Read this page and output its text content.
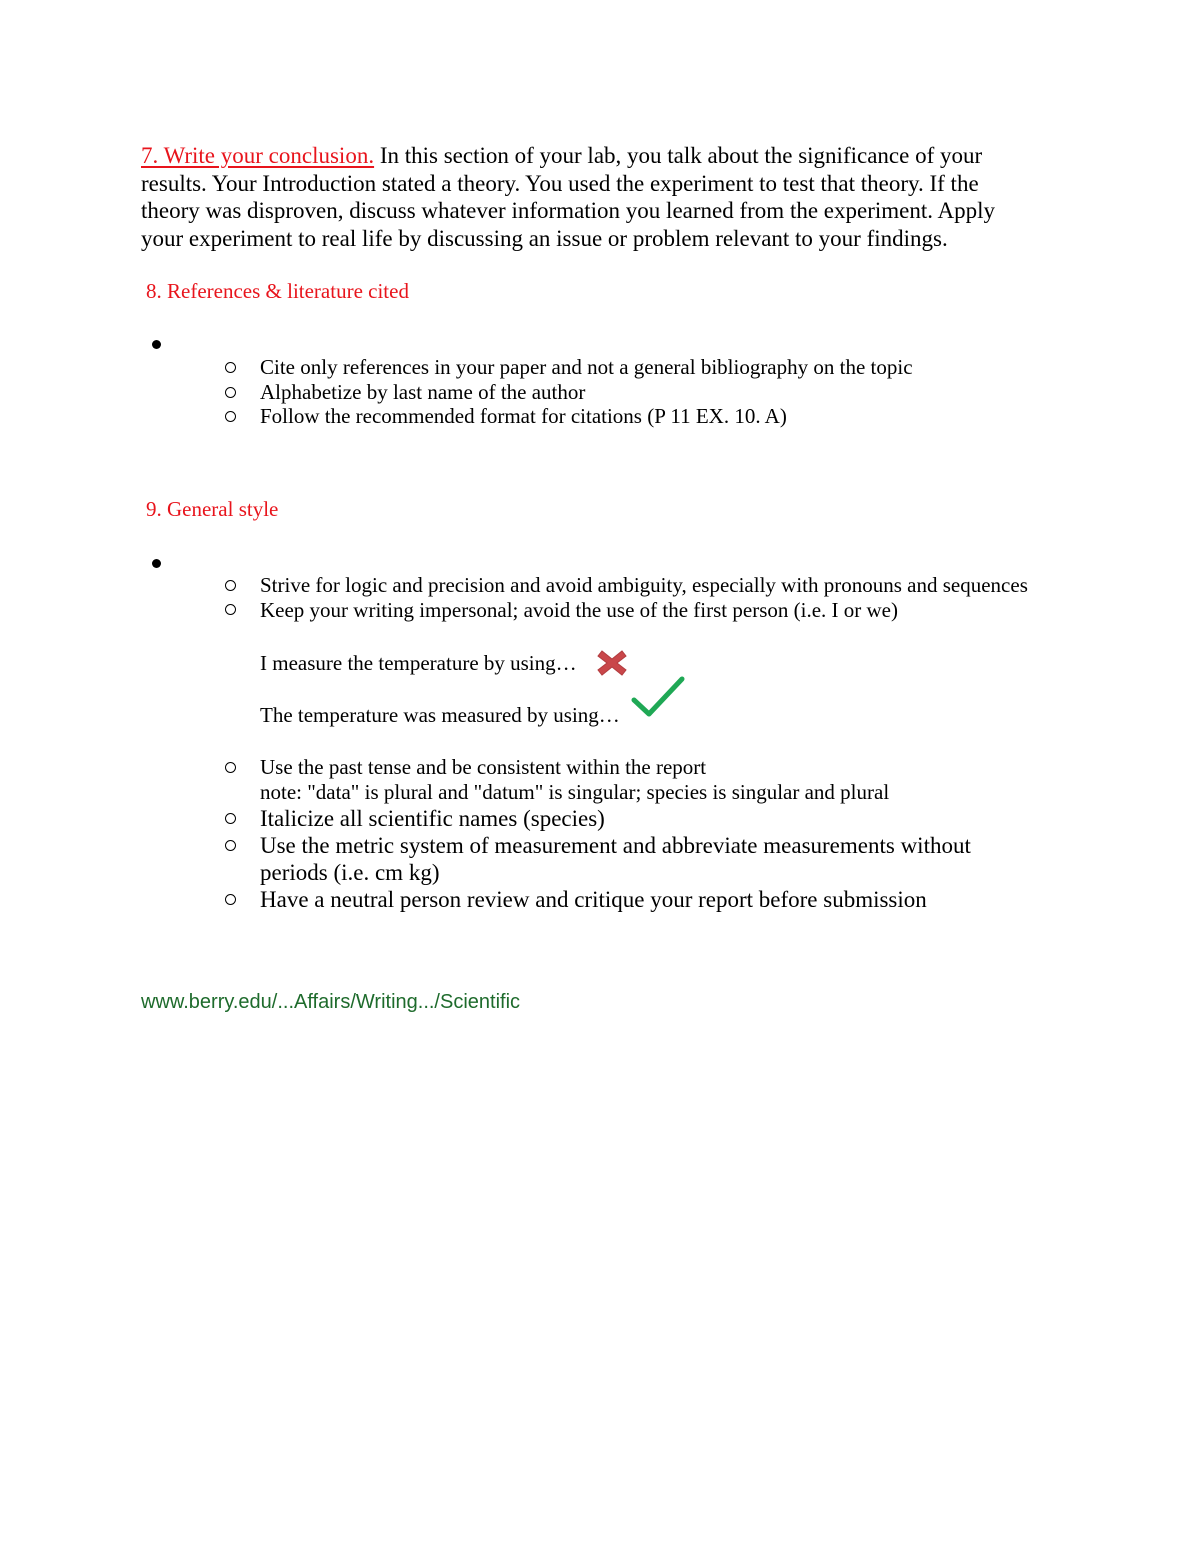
7. Write your conclusion. In this section of your lab, you talk about the significance of your results. Your Introduction stated a theory. You used the experiment to test that theory. If the theory was disproven, discuss whatever information you learned from the experiment. Apply your experiment to real life by discussing an issue or problem relevant to your findings.

8. References & literature cited
Cite only references in your paper and not a general bibliography on the topic
Alphabetize by last name of the author
Follow the recommended format for citations (P 11 EX. 10. A)
9. General style
Strive for logic and precision and avoid ambiguity, especially with pronouns and sequences
Keep your writing impersonal; avoid the use of the first person (i.e. I or we)
I measure the temperature by using…
The temperature was measured by using…
Use the past tense and be consistent within the report
note: "data" is plural and "datum" is singular; species is singular and plural
Italicize all scientific names (species)
Use the metric system of measurement and abbreviate measurements without
periods (i.e. cm kg)
Have a neutral person review and critique your report before submission
www.berry.edu/...Affairs/Writing.../Scientific
